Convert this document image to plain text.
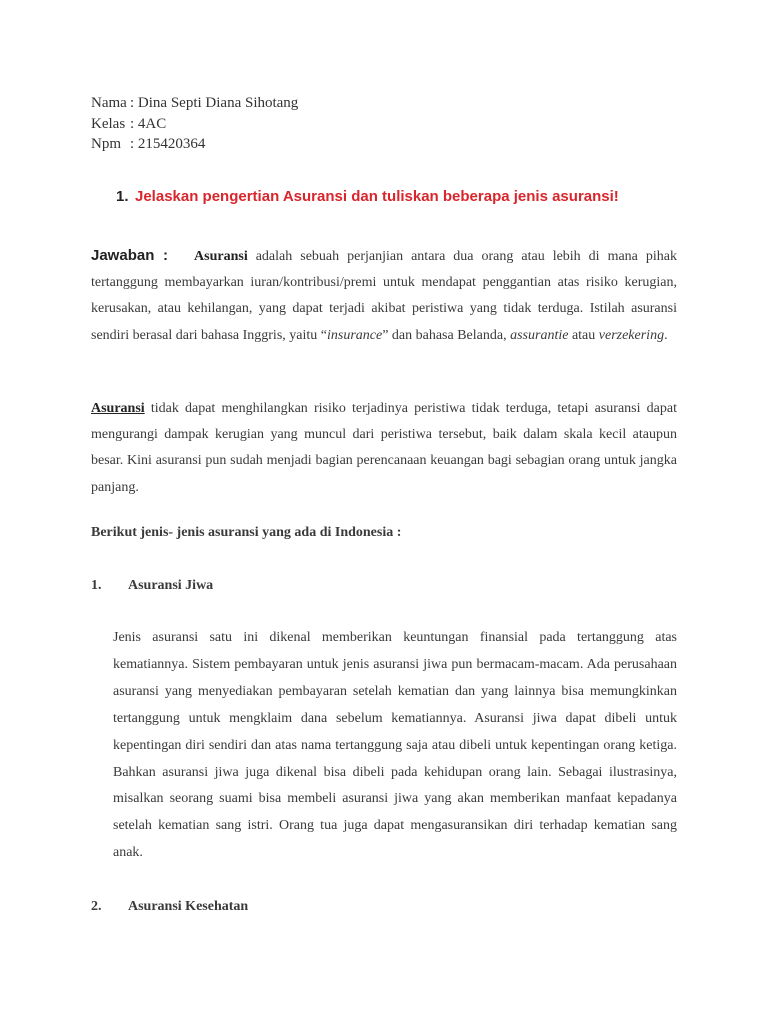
Nama : Dina Septi Diana Sihotang
Kelas : 4AC
Npm : 215420364
1. Jelaskan pengertian Asuransi dan tuliskan beberapa jenis asuransi!
Jawaban : Asuransi adalah sebuah perjanjian antara dua orang atau lebih di mana pihak tertanggung membayarkan iuran/kontribusi/premi untuk mendapat penggantian atas risiko kerugian, kerusakan, atau kehilangan, yang dapat terjadi akibat peristiwa yang tidak terduga. Istilah asuransi sendiri berasal dari bahasa Inggris, yaitu “insurance” dan bahasa Belanda, assurantie atau verzekering.
Asuransi tidak dapat menghilangkan risiko terjadinya peristiwa tidak terduga, tetapi asuransi dapat mengurangi dampak kerugian yang muncul dari peristiwa tersebut, baik dalam skala kecil ataupun besar. Kini asuransi pun sudah menjadi bagian perencanaan keuangan bagi sebagian orang untuk jangka panjang.
Berikut jenis- jenis asuransi yang ada di Indonesia :
1. Asuransi Jiwa
Jenis asuransi satu ini dikenal memberikan keuntungan finansial pada tertanggung atas kematiannya. Sistem pembayaran untuk jenis asuransi jiwa pun bermacam-macam. Ada perusahaan asuransi yang menyediakan pembayaran setelah kematian dan yang lainnya bisa memungkinkan tertanggung untuk mengklaim dana sebelum kematiannya. Asuransi jiwa dapat dibeli untuk kepentingan diri sendiri dan atas nama tertanggung saja atau dibeli untuk kepentingan orang ketiga. Bahkan asuransi jiwa juga dikenal bisa dibeli pada kehidupan orang lain. Sebagai ilustrasinya, misalkan seorang suami bisa membeli asuransi jiwa yang akan memberikan manfaat kepadanya setelah kematian sang istri. Orang tua juga dapat mengasuransikan diri terhadap kematian sang anak.
2. Asuransi Kesehatan
